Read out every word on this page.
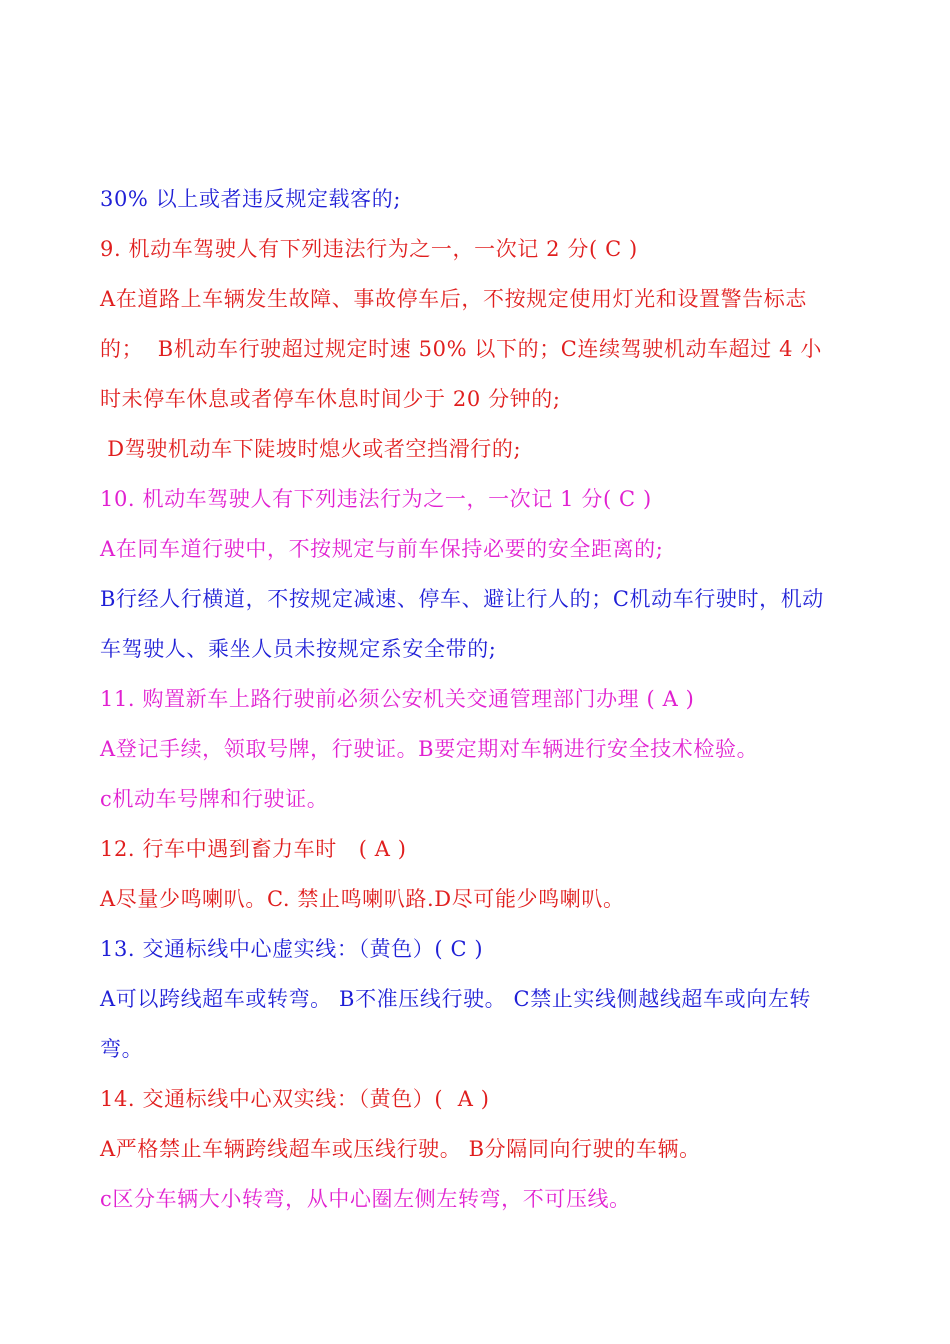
30% 以上或者违反规定载客的;
9. 机动车驾驶人有下列违法行为之一，一次记 2 分( C )
A在道路上车辆发生故障、事故停车后，不按规定使用灯光和设置警告标志
的；  B机动车行驶超过规定时速 50% 以下的；C连续驾驶机动车超过 4 小
时未停车休息或者停车休息时间少于 20 分钟的;
D驾驶机动车下陡坡时熄火或者空挡滑行的;
10. 机动车驾驶人有下列违法行为之一，一次记 1 分( C )
A在同车道行驶中，不按规定与前车保持必要的安全距离的;
B行经人行横道，不按规定减速、停车、避让行人的；C机动车行驶时，机动
车驾驶人、乘坐人员未按规定系安全带的;
11. 购置新车上路行驶前必须公安机关交通管理部门办理 ( A )
A登记手续，领取号牌，行驶证。B要定期对车辆进行安全技术检验。
c机动车号牌和行驶证。
12. 行车中遇到畜力车时   ( A )
A尽量少鸣喇叭。C. 禁止鸣喇叭路.D尽可能少鸣喇叭。
13. 交通标线中心虚实线：（黄色）( C )
A可以跨线超车或转弯。 B不准压线行驶。 C禁止实线侧越线超车或向左转
弯。
14. 交通标线中心双实线：（黄色）(  A )
A严格禁止车辆跨线超车或压线行驶。 B分隔同向行驶的车辆。
c区分车辆大小转弯，从中心圈左侧左转弯，不可压线。
